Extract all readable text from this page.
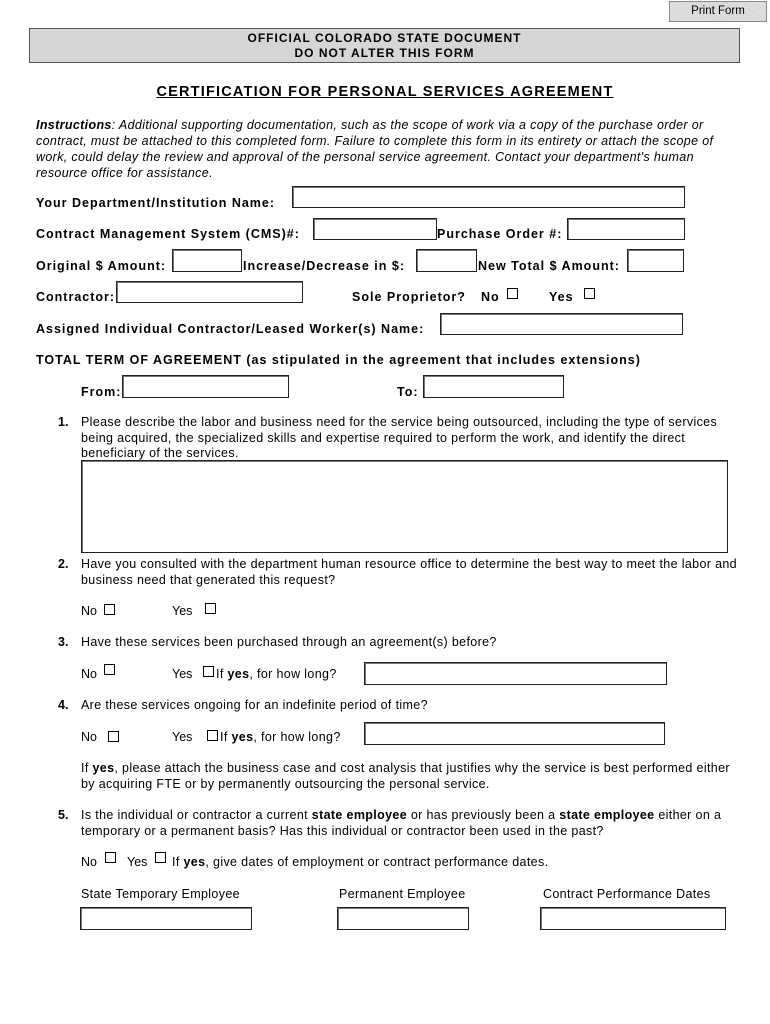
Print Form
OFFICIAL COLORADO STATE DOCUMENT
DO NOT ALTER THIS FORM
CERTIFICATION FOR PERSONAL SERVICES AGREEMENT
Instructions: Additional supporting documentation, such as the scope of work via a copy of the purchase order or contract, must be attached to this completed form. Failure to complete this form in its entirety or attach the scope of work, could delay the review and approval of the personal service agreement. Contact your department's human resource office for assistance.
Your Department/Institution Name:
Contract Management System (CMS)#:	Purchase Order #:
Original $ Amount:	Increase/Decrease in $:	New Total $ Amount:
Contractor:	Sole Proprietor? No	Yes
Assigned Individual Contractor/Leased Worker(s) Name:
TOTAL TERM OF AGREEMENT (as stipulated in the agreement that includes extensions)
From:	To:
1. Please describe the labor and business need for the service being outsourced, including the type of services being acquired, the specialized skills and expertise required to perform the work, and identify the direct beneficiary of the services.
2. Have you consulted with the department human resource office to determine the best way to meet the labor and business need that generated this request?
No	Yes
3. Have these services been purchased through an agreement(s) before?
No	Yes If yes, for how long?
4. Are these services ongoing for an indefinite period of time?
No	Yes If yes, for how long?
If yes, please attach the business case and cost analysis that justifies why the service is best performed either by acquiring FTE or by permanently outsourcing the personal service.
5. Is the individual or contractor a current state employee or has previously been a state employee either on a temporary or a permanent basis? Has this individual or contractor been used in the past?
No Yes If yes, give dates of employment or contract performance dates.
State Temporary Employee	Permanent Employee	Contract Performance Dates
